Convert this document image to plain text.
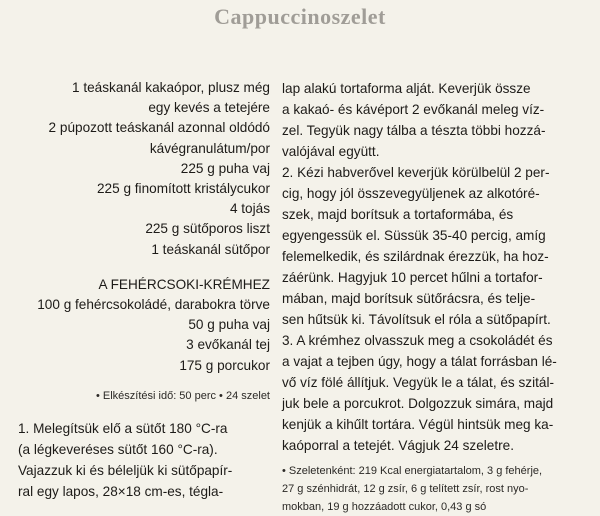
Cappuccinoszelet
1 teáskanál kakaópor, plusz még
egy kevés a tetejére
2 púpozott teáskanál azonnal oldódó
kávégranulátum/por
225 g puha vaj
225 g finomított kristálycukor
4 tojás
225 g sütőporos liszt
1 teáskanál sütőpor
A FEHÉRCSOKI-KRÉMHEZ
100 g fehércsokoládé, darabokra törve
50 g puha vaj
3 evőkanál tej
175 g porcukor
• Elkészítési idő: 50 perc • 24 szelet
1. Melegítsük elő a sütőt 180 °C-ra
(a légkeveréses sütőt 160 °C-ra).
Vajazzuk ki és béleljük ki sütőpapír-
ral egy lapos, 28×18 cm-es, tégla-
lap alakú tortaforma alját. Keverjük össze
a kakaó- és kávéport 2 evőkanál meleg víz-
zel. Tegyük nagy tálba a tészta többi hozzá-
valójával együtt.
2. Kézi habverővel keverjük körülbelül 2 per-
cig, hogy jól összevegyüljenek az alkotóré-
szek, majd borítsuk a tortaformába, és
egyengessük el. Süssük 35-40 percig, amíg
felemelkedik, és szilárdnak érezzük, ha hoz-
záérünk. Hagyjuk 10 percet hűlni a tortafor-
mában, majd borítsuk sütőrácsra, és telje-
sen hűtsük ki. Távolítsuk el róla a sütőpapírt.
3. A krémhez olvasszuk meg a csokoládét és
a vajat a tejben úgy, hogy a tálat forrásban lé-
vő víz fölé állítjuk. Vegyük le a tálat, és szitál-
juk bele a porcukrot. Dolgozzuk simára, majd
kenjük a kihűlt tortára. Végül hintsük meg ka-
kaóporral a tetejét. Vágjuk 24 szeletre.
• Szeletenként: 219 Kcal energiatartalom, 3 g fehérje,
27 g szénhidrát, 12 g zsír, 6 g telített zsír, rost nyo-
mokban, 19 g hozzáadott cukor, 0,43 g só
